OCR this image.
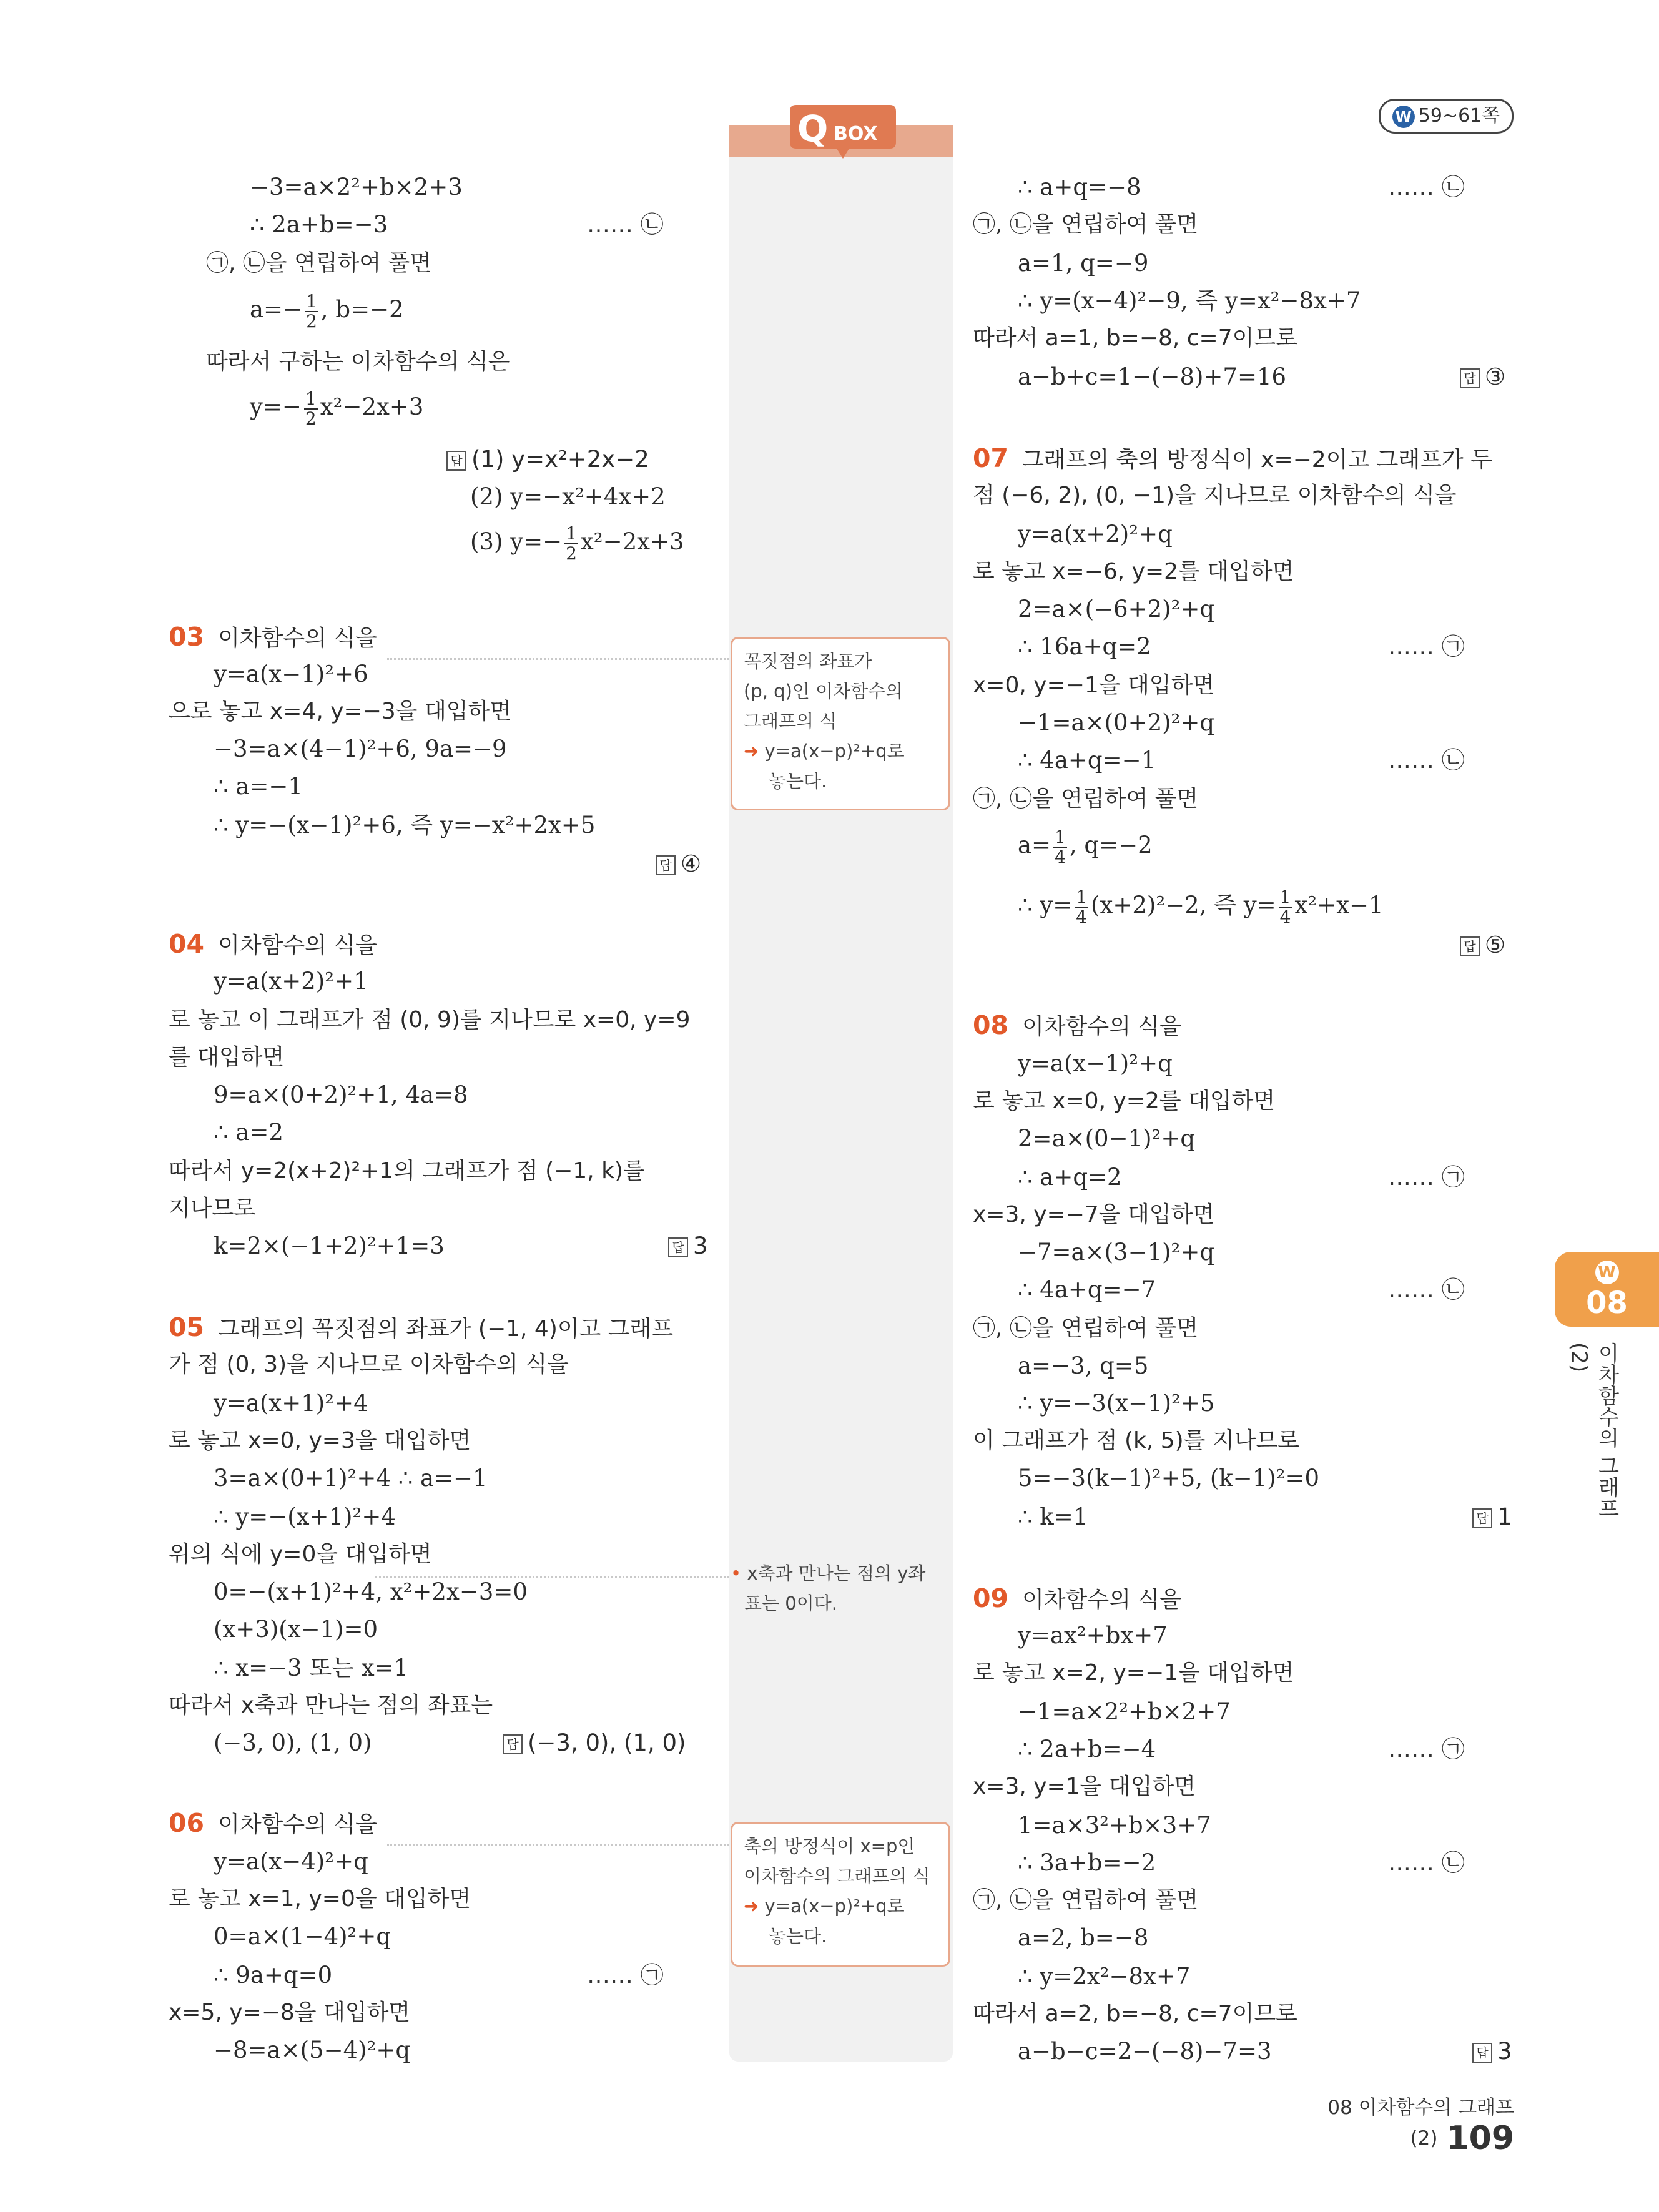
W 59~61쪽
Q BOX
꼭짓점의 좌표가
(p, q)인 이차함수의
그래프의 식
➜ y=a(x−p)²+q로
놓는다.
• x축과 만나는 점의 y좌
표는 0이다.
축의 방정식이 x=p인
이차함수의 그래프의 식
➜ y=a(x−p)²+q로
놓는다.
−3=a×2²+b×2+3
∴ 2a+b=−3	…… ㉡
㉠, ㉡을 연립하여 풀면
$a=- \frac{1}{2}$ , b=−2
따라서 구하는 이차함수의 식은
$y=- \frac{1}{2} x^2-2x+3$
답 (1) y=x²+2x−2
(2) y=−x²+4x+2
(3) $y=- \frac{1}{2} x^2-2x+3$
03 이차함수의 식을
y=a(x−1)²+6
으로 놓고 x=4, y=−3을 대입하면
−3=a×(4−1)²+6, 9a=−9
∴ a=−1
∴ y=−(x−1)²+6, 즉 y=−x²+2x+5
답 ④
04 이차함수의 식을
y=a(x+2)²+1
로 놓고 이 그래프가 점 (0, 9)를 지나므로 x=0, y=9
를 대입하면
9=a×(0+2)²+1, 4a=8
∴ a=2
따라서 y=2(x+2)²+1의 그래프가 점 (−1, k)를
지나므로
k=2×(−1+2)²+1=3	답 3
05 그래프의 꼭짓점의 좌표가 (−1, 4)이고 그래프
가 점 (0, 3)을 지나므로 이차함수의 식을
y=a(x+1)²+4
로 놓고 x=0, y=3을 대입하면
3=a×(0+1)²+4 ∴ a=−1
∴ y=−(x+1)²+4
위의 식에 y=0을 대입하면
0=−(x+1)²+4, x²+2x−3=0
(x+3)(x−1)=0
∴ x=−3 또는 x=1
따라서 x축과 만나는 점의 좌표는
(−3, 0), (1, 0)	답 (−3, 0), (1, 0)
06 이차함수의 식을
y=a(x−4)²+q
로 놓고 x=1, y=0을 대입하면
0=a×(1−4)²+q
∴ 9a+q=0	…… ㉠
x=5, y=−8을 대입하면
−8=a×(5−4)²+q
∴ a+q=−8	…… ㉡
㉠, ㉡을 연립하여 풀면
a=1, q=−9
∴ y=(x−4)²−9, 즉 y=x²−8x+7
따라서 a=1, b=−8, c=7이므로
a−b+c=1−(−8)+7=16	답 ③
07 그래프의 축의 방정식이 x=−2이고 그래프가 두
점 (−6, 2), (0, −1)을 지나므로 이차함수의 식을
y=a(x+2)²+q
로 놓고 x=−6, y=2를 대입하면
2=a×(−6+2)²+q
∴ 16a+q=2	…… ㉠
x=0, y=−1을 대입하면
−1=a×(0+2)²+q
∴ 4a+q=−1	…… ㉡
㉠, ㉡을 연립하여 풀면
$a= \frac{1}{4}$ , q=−2
∴ $y= \frac{1}{4} (x+2)^2-2$, 즉 $y= \frac{1}{4} x^2+x-1$
답 ⑤
08 이차함수의 식을
y=a(x−1)²+q
로 놓고 x=0, y=2를 대입하면
2=a×(0−1)²+q
∴ a+q=2	…… ㉠
x=3, y=−7을 대입하면
−7=a×(3−1)²+q
∴ 4a+q=−7	…… ㉡
㉠, ㉡을 연립하여 풀면
a=−3, q=5
∴ y=−3(x−1)²+5
이 그래프가 점 (k, 5)를 지나므로
5=−3(k−1)²+5, (k−1)²=0
∴ k=1	답 1
09 이차함수의 식을
y=ax²+bx+7
로 놓고 x=2, y=−1을 대입하면
−1=a×2²+b×2+7
∴ 2a+b=−4	…… ㉠
x=3, y=1을 대입하면
1=a×3²+b×3+7
∴ 3a+b=−2	…… ㉡
㉠, ㉡을 연립하여 풀면
a=2, b=−8
∴ y=2x²−8x+7
따라서 a=2, b=−8, c=7이므로
a−b−c=2−(−8)−7=3	답 3
W
08
이차함수의 그래프 (2)
08 이차함수의 그래프 (2) 109
